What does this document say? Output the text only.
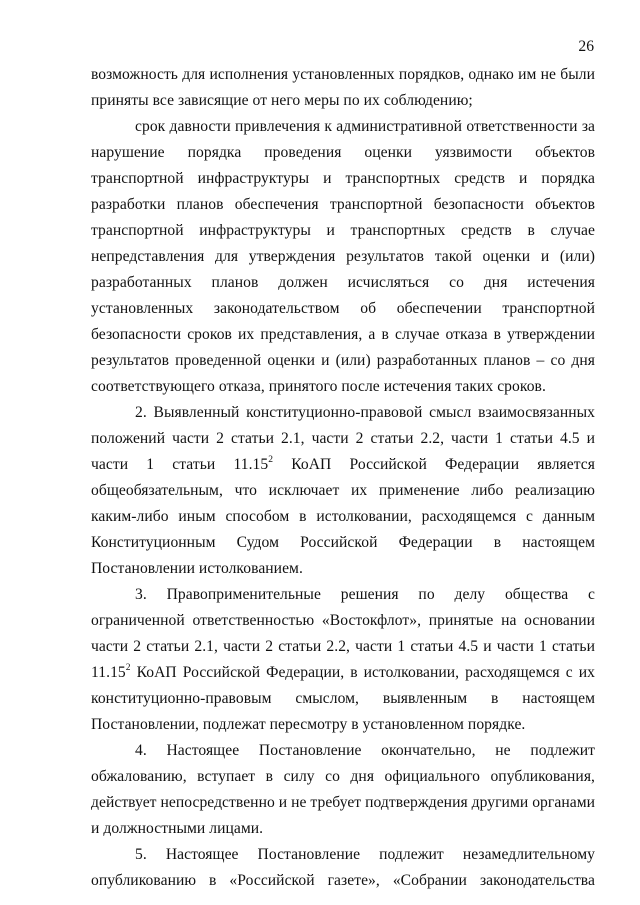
26

возможность для исполнения установленных порядков, однако им не были приняты все зависящие от него меры по их соблюдению;

срок давности привлечения к административной ответственности за нарушение порядка проведения оценки уязвимости объектов транспортной инфраструктуры и транспортных средств и порядка разработки планов обеспечения транспортной безопасности объектов транспортной инфраструктуры и транспортных средств в случае непредставления для утверждения результатов такой оценки и (или) разработанных планов должен исчисляться со дня истечения установленных законодательством об обеспечении транспортной безопасности сроков их представления, а в случае отказа в утверждении результатов проведенной оценки и (или) разработанных планов – со дня соответствующего отказа, принятого после истечения таких сроков.

2. Выявленный конституционно-правовой смысл взаимосвязанных положений части 2 статьи 2.1, части 2 статьи 2.2, части 1 статьи 4.5 и части 1 статьи 11.15$^2$ КоАП Российской Федерации является общеобязательным, что исключает их применение либо реализацию каким-либо иным способом в истолковании, расходящемся с данным Конституционным Судом Российской Федерации в настоящем Постановлении истолкованием.

3. Правоприменительные решения по делу общества с ограниченной ответственностью «Востокфлот», принятые на основании части 2 статьи 2.1, части 2 статьи 2.2, части 1 статьи 4.5 и части 1 статьи 11.15$^2$ КоАП Российской Федерации, в истолковании, расходящемся с их конституционно-правовым смыслом, выявленным в настоящем Постановлении, подлежат пересмотру в установленном порядке.

4. Настоящее Постановление окончательно, не подлежит обжалованию, вступает в силу со дня официального опубликования, действует непосредственно и не требует подтверждения другими органами и должностными лицами.

5. Настоящее Постановление подлежит незамедлительному опубликованию в «Российской газете», «Собрании законодательства
